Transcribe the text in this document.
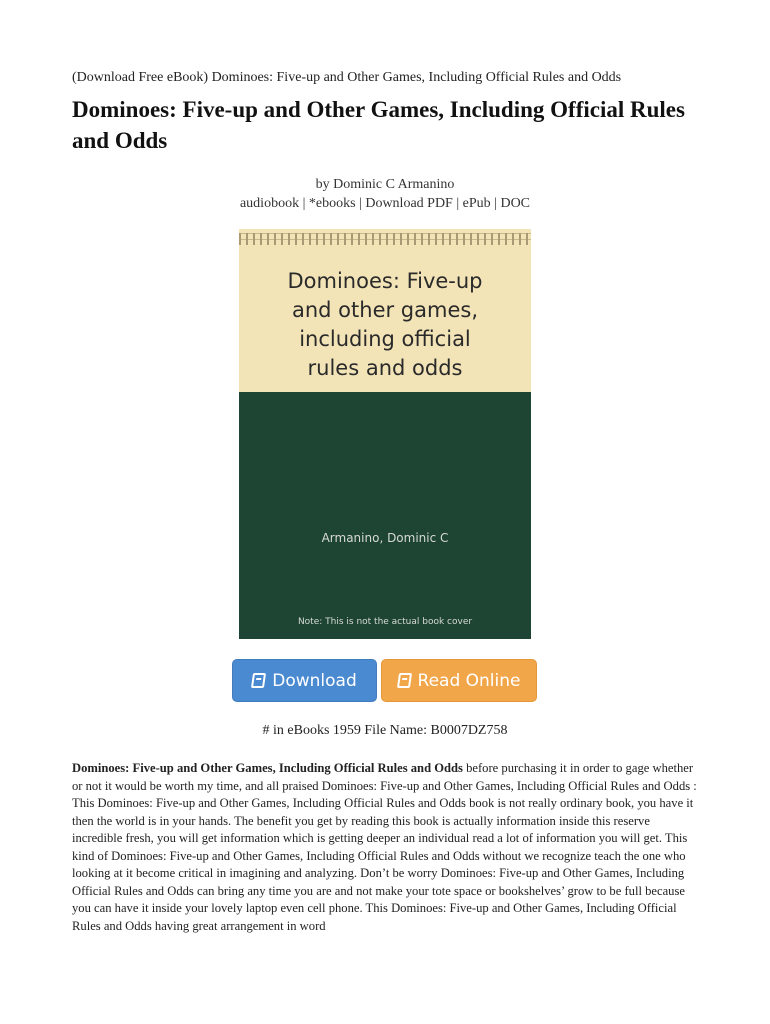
(Download Free eBook) Dominoes: Five-up and Other Games, Including Official Rules and Odds
Dominoes: Five-up and Other Games, Including Official Rules and Odds
by Dominic C Armanino
audiobook | *ebooks | Download PDF | ePub | DOC
Dominoes: Five-up
and other games,
including official
rules and odds
Armanino, Dominic C
Note: This is not the actual book cover
Download	Read Online
# in eBooks 1959 File Name: B0007DZ758

Dominoes: Five-up and Other Games, Including Official Rules and Odds before purchasing it in order to gage whether or not it would be worth my time, and all praised Dominoes: Five-up and Other Games, Including Official Rules and Odds :

This Dominoes: Five-up and Other Games, Including Official Rules and Odds book is not really ordinary book, you have it then the world is in your hands. The benefit you get by reading this book is actually information inside this reserve incredible fresh, you will get information which is getting deeper an individual read a lot of information you will get. This kind of Dominoes: Five-up and Other Games, Including Official Rules and Odds without we recognize teach the one who looking at it become critical in imagining and analyzing. Don’t be worry Dominoes: Five-up and Other Games, Including Official Rules and Odds can bring any time you are and not make your tote space or bookshelves’ grow to be full because you can have it inside your lovely laptop even cell phone. This Dominoes: Five-up and Other Games, Including Official Rules and Odds having great arrangement in word
